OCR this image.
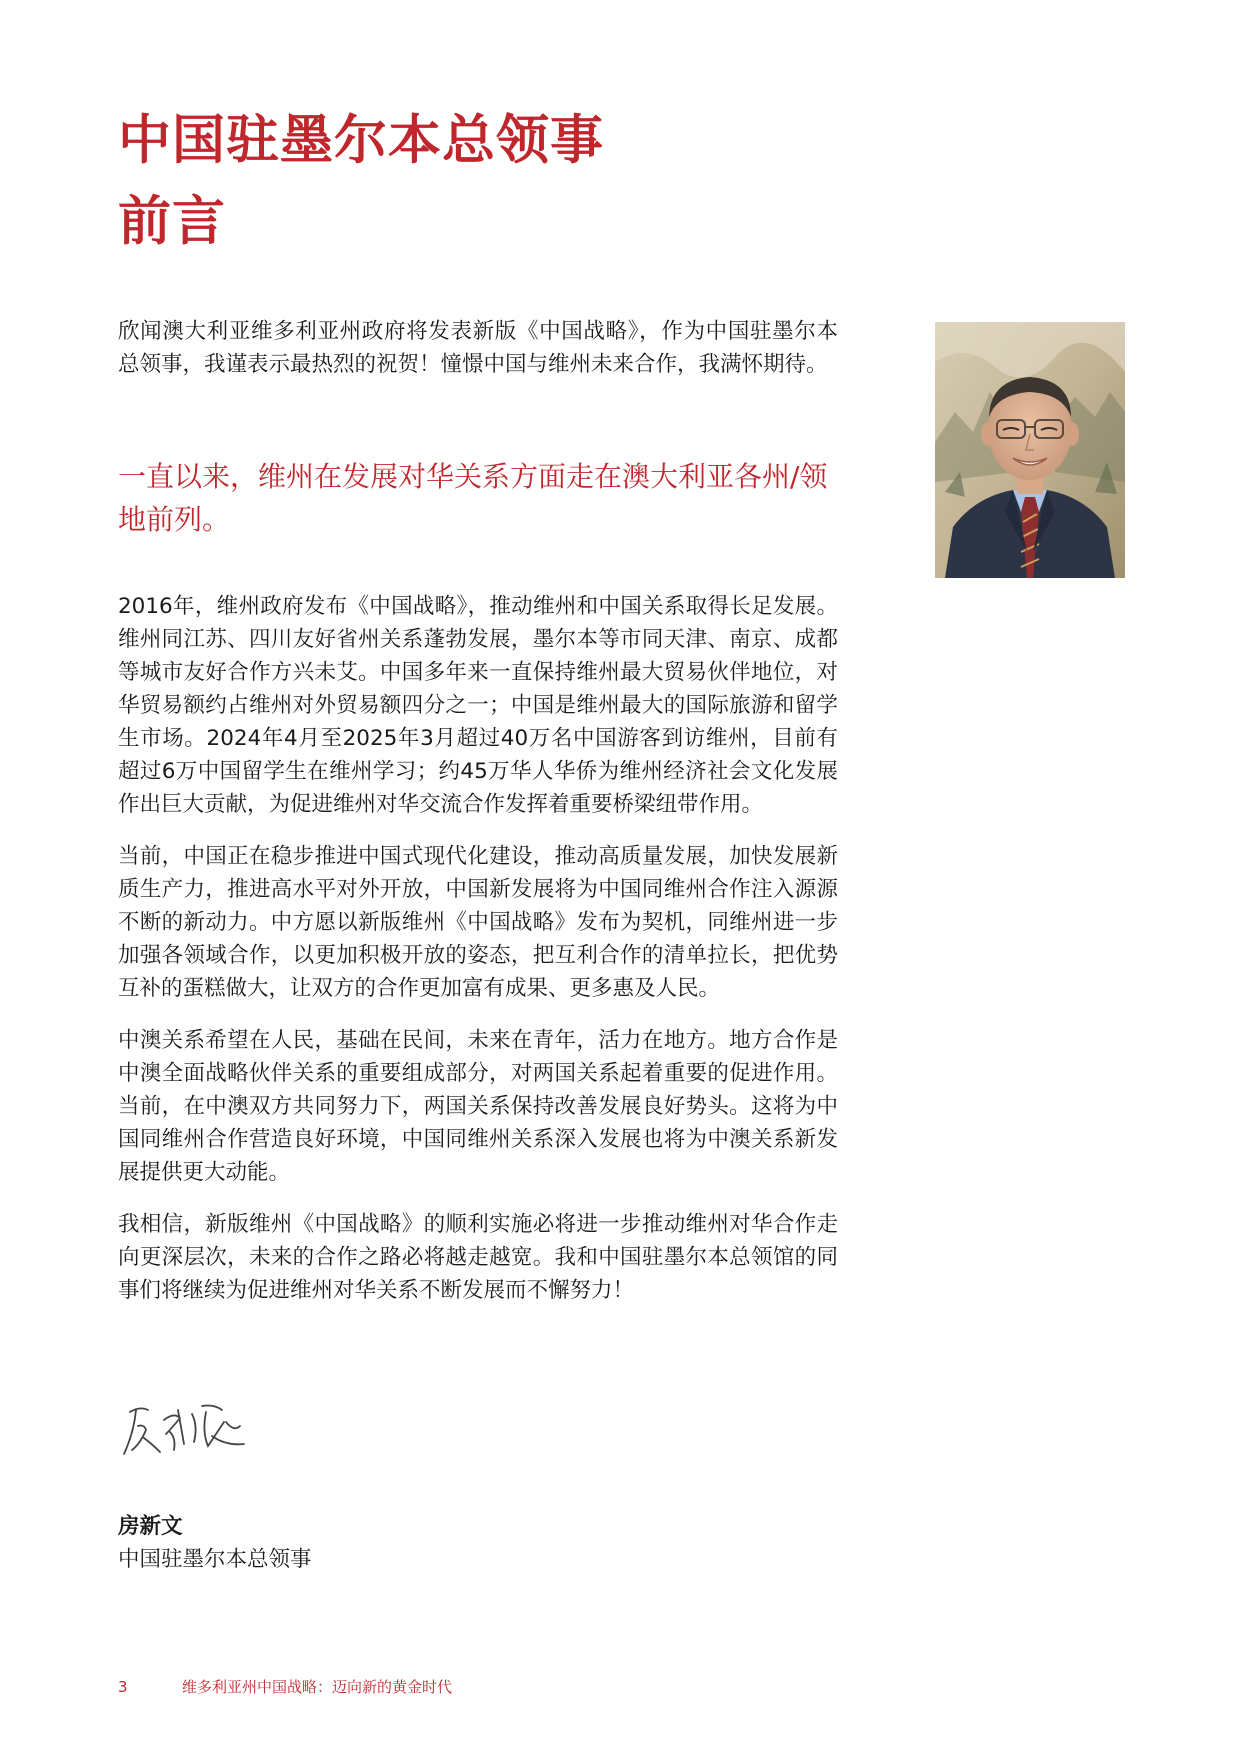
中国驻墨尔本总领事
前言

欣闻澳大利亚维多利亚州政府将发表新版《中国战略》，作为中国驻墨尔本总领事，我谨表示最热烈的祝贺！憧憬中国与维州未来合作，我满怀期待。

一直以来，维州在发展对华关系方面走在澳大利亚各州/领地前列。

2016年，维州政府发布《中国战略》，推动维州和中国关系取得长足发展。维州同江苏、四川友好省州关系蓬勃发展，墨尔本等市同天津、南京、成都等城市友好合作方兴未艾。中国多年来一直保持维州最大贸易伙伴地位，对华贸易额约占维州对外贸易额四分之一；中国是维州最大的国际旅游和留学生市场。2024年4月至2025年3月超过40万名中国游客到访维州，目前有超过6万中国留学生在维州学习；约45万华人华侨为维州经济社会文化发展作出巨大贡献，为促进维州对华交流合作发挥着重要桥梁纽带作用。

当前，中国正在稳步推进中国式现代化建设，推动高质量发展，加快发展新质生产力，推进高水平对外开放，中国新发展将为中国同维州合作注入源源不断的新动力。中方愿以新版维州《中国战略》发布为契机，同维州进一步加强各领域合作，以更加积极开放的姿态，把互利合作的清单拉长，把优势互补的蛋糕做大，让双方的合作更加富有成果、更多惠及人民。

中澳关系希望在人民，基础在民间，未来在青年，活力在地方。地方合作是中澳全面战略伙伴关系的重要组成部分，对两国关系起着重要的促进作用。当前，在中澳双方共同努力下，两国关系保持改善发展良好势头。这将为中国同维州合作营造良好环境，中国同维州关系深入发展也将为中澳关系新发展提供更大动能。

我相信，新版维州《中国战略》的顺利实施必将进一步推动维州对华合作走向更深层次，未来的合作之路必将越走越宽。我和中国驻墨尔本总领馆的同事们将继续为促进维州对华关系不断发展而不懈努力！

房新文

中国驻墨尔本总领事

3	维多利亚州中国战略：迈向新的黄金时代
